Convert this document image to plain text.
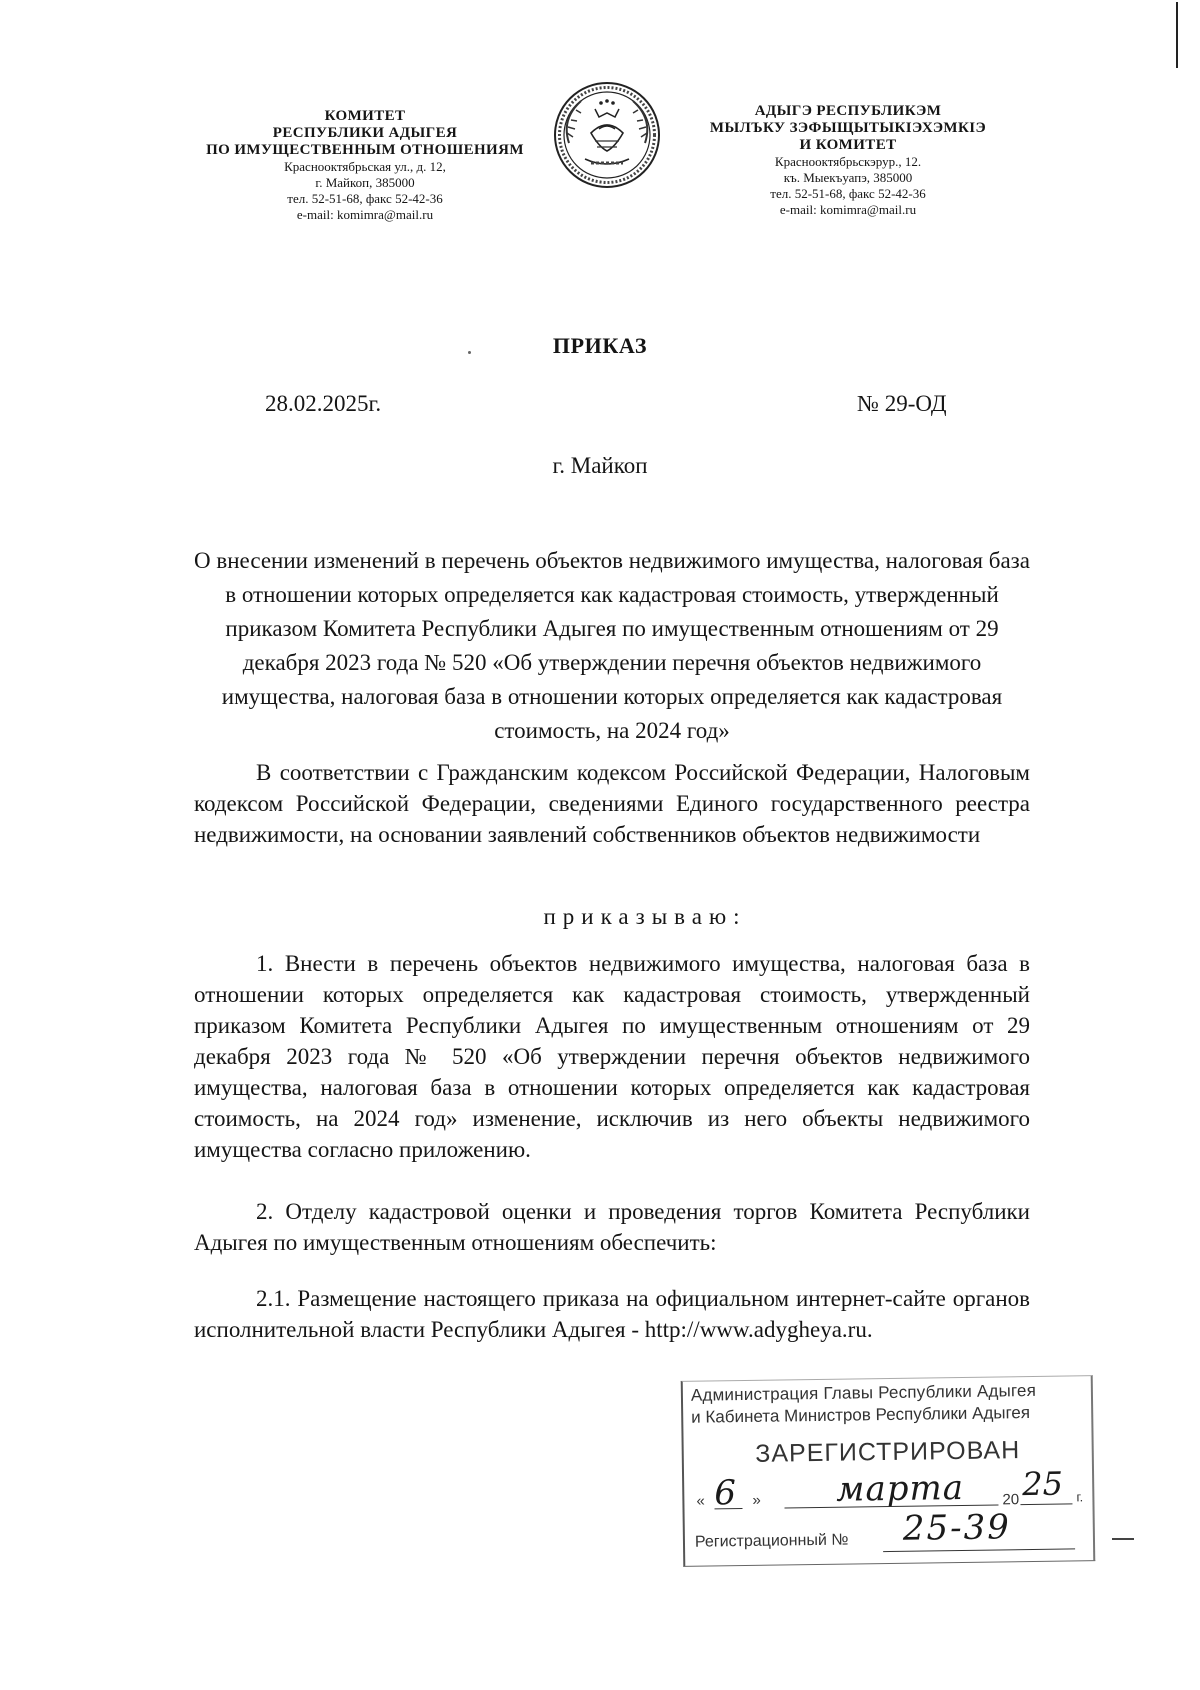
КОМИТЕТ
РЕСПУБЛИКИ АДЫГЕЯ
ПО ИМУЩЕСТВЕННЫМ ОТНОШЕНИЯМ
Краснооктябрьская ул., д. 12,
г. Майкоп, 385000
тел. 52-51-68, факс 52-42-36
e-mail: komimra@mail.ru
АДЫГЭ РЕСПУБЛИКЭМ
МЫЛЪКУ ЗЭФЫЩЫТЫКIЭХЭМКIЭ
И КОМИТЕТ
Краснооктябрьскэрур., 12.
къ. Мыекъуапэ, 385000
тел. 52-51-68, факс 52-42-36
e-mail: komimra@mail.ru
ПРИКАЗ
28.02.2025г.	№ 29-ОД
г. Майкоп
О внесении изменений в перечень объектов недвижимого имущества, налоговая база в отношении которых определяется как кадастровая стоимость, утвержденный приказом Комитета Республики Адыгея по имущественным отношениям от 29 декабря 2023 года № 520 «Об утверждении перечня объектов недвижимого имущества, налоговая база в отношении которых определяется как кадастровая стоимость, на 2024 год»
В соответствии с Гражданским кодексом Российской Федерации, Налоговым кодексом Российской Федерации, сведениями Единого государственного реестра недвижимости, на основании заявлений собственников объектов недвижимости
приказываю:
1. Внести в перечень объектов недвижимого имущества, налоговая база в отношении которых определяется как кадастровая стоимость, утвержденный приказом Комитета Республики Адыгея по имущественным отношениям от 29 декабря 2023 года № 520 «Об утверждении перечня объектов недвижимого имущества, налоговая база в отношении которых определяется как кадастровая стоимость, на 2024 год» изменение, исключив из него объекты недвижимого имущества согласно приложению.
2. Отделу кадастровой оценки и проведения торгов Комитета Республики Адыгея по имущественным отношениям обеспечить:
2.1. Размещение настоящего приказа на официальном интернет-сайте органов исполнительной власти Республики Адыгея - http://www.adygheya.ru.
Администрация Главы Республики Адыгея
и Кабинета Министров Республики Адыгея
ЗАРЕГИСТРИРОВАН
« 6 » марта	20 25 г.
Регистрационный № 25-39
